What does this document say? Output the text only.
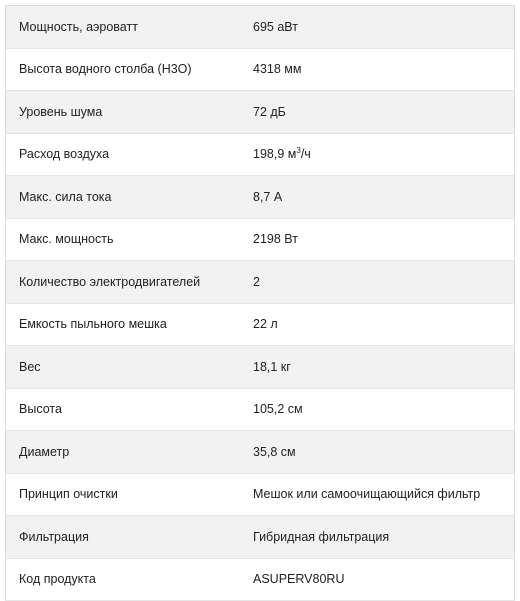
Мощность, аэроватт	695 аВт
Высота водного столба (Н3О)	4318 мм
Уровень шума	72 дБ
Расход воздуха	198,9 $м^3/ч$
Макс. сила тока	8,7 А
Макс. мощность	2198 Вт
Количество электродвигателей	2
Емкость пыльного мешка	22 л
Вес	18,1 кг
Высота	105,2 см
Диаметр	35,8 см
Принцип очистки	Мешок или самоочищающийся фильтр
Фильтрация	Гибридная фильтрация
Код продукта	ASUPERV80RU
